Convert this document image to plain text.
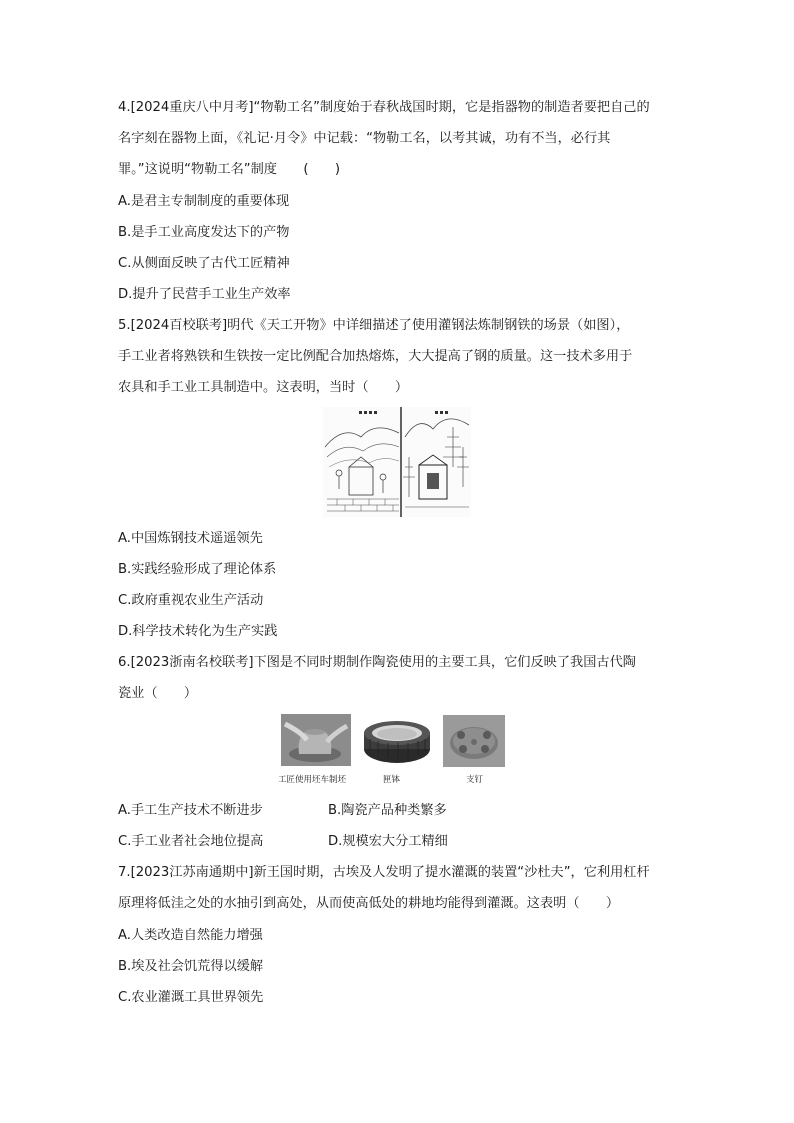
4.[2024重庆八中月考]“物勒工名”制度始于春秋战国时期，它是指器物的制造者要把自己的
名字刻在器物上面，《礼记·月令》中记载：“物勒工名，以考其诚，功有不当，必行其
罪。”这说明“物勒工名”制度　　(　　)
A.是君主专制制度的重要体现
B.是手工业高度发达下的产物
C.从侧面反映了古代工匠精神
D.提升了民营手工业生产效率
5.[2024百校联考]明代《天工开物》中详细描述了使用灌钢法炼制钢铁的场景（如图），
手工业者将熟铁和生铁按一定比例配合加热熔炼，大大提高了钢的质量。这一技术多用于
农具和手工业工具制造中。这表明，当时（　　）
A.中国炼钢技术遥遥领先
B.实践经验形成了理论体系
C.政府重视农业生产活动
D.科学技术转化为生产实践
6.[2023浙南名校联考]下图是不同时期制作陶瓷使用的主要工具，它们反映了我国古代陶
瓷业（　　）
工匠使用坯车制坯	匣钵	支钉
A.手工生产技术不断进步	B.陶瓷产品种类繁多
C.手工业者社会地位提高	D.规模宏大分工精细
7.[2023江苏南通期中]新王国时期，古埃及人发明了提水灌溉的装置“沙杜夫”，它利用杠杆
原理将低洼之处的水抽引到高处，从而使高低处的耕地均能得到灌溉。这表明（　　）
A.人类改造自然能力增强
B.埃及社会饥荒得以缓解
C.农业灌溉工具世界领先
